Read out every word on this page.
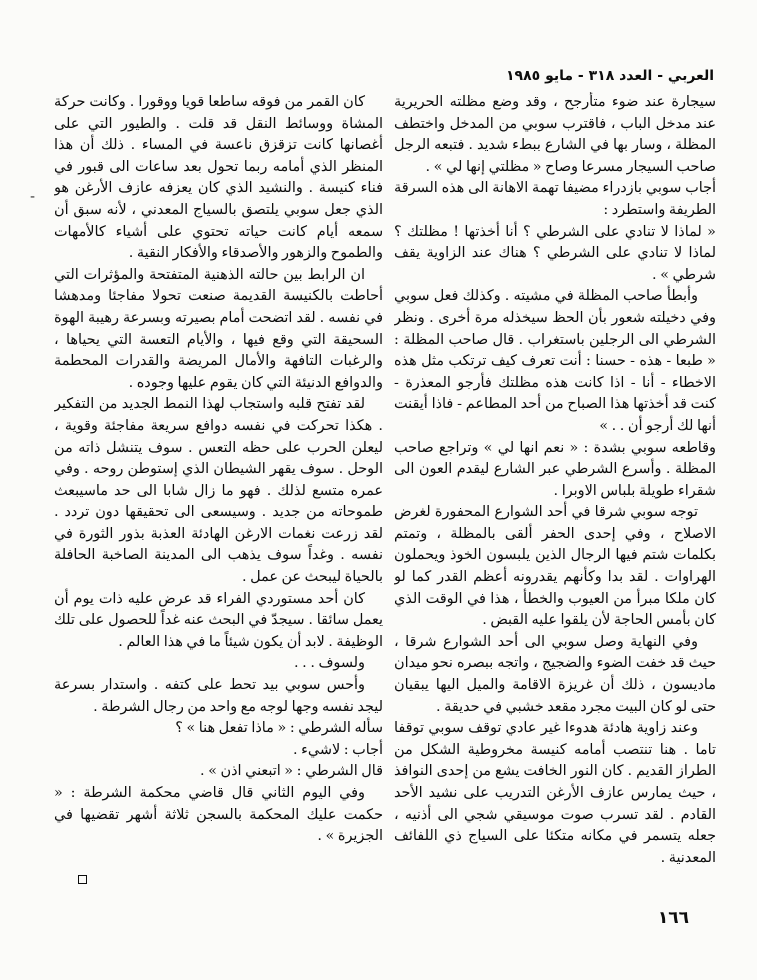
العربي - العدد ٣١٨ - مايو ١٩٨٥

سيجارة عند ضوء متأرجح ، وقد وضع مظلته الحريرية عند مدخل الباب ، فاقترب سوبي من المدخل واختطف المظلة ، وسار بها في الشارع ببطء شديد . فتبعه الرجل صاحب السيجار مسرعا وصاح « مظلتي إنها لي » .

أجاب سوبي بازدراء مضيفا تهمة الاهانة الى هذه السرقة الطريفة واستطرد :

« لماذا لا تنادي على الشرطي ؟ أنا أخذتها ! مظلتك ؟ لماذا لا تنادي على الشرطي ؟ هناك عند الزاوية يقف شرطي » .

وأبطأ صاحب المظلة في مشيته . وكذلك فعل سوبي وفي دخيلته شعور بأن الحظ سيخذله مرة أخرى . ونظر الشرطي الى الرجلين باستغراب . قال صاحب المظلة : « طبعا - هذه - حسنا : أنت تعرف كيف ترتكب مثل هذه الاخطاء - أنا - اذا كانت هذه مظلتك فأرجو المعذرة - كنت قد أخذتها هذا الصباح من أحد المطاعم - فاذا أيقنت أنها لك أرجو أن . . »

وقاطعه سوبي بشدة : « نعم انها لي » وتراجع صاحب المظلة . وأسرع الشرطي عبر الشارع ليقدم العون الى شقراء طويلة بلباس الاوبرا .

توجه سوبي شرقا في أحد الشوارع المحفورة لغرض الاصلاح ، وفي إحدى الحفر ألقى بالمظلة ، وتمتم بكلمات شتم فيها الرجال الذين يلبسون الخوذ ويحملون الهراوات . لقد بدا وكأنهم يقدرونه أعظم القدر كما لو كان ملكا مبرأ من العيوب والخطأ ، هذا في الوقت الذي كان بأمس الحاجة لأن يلقوا عليه القبض .

وفي النهاية وصل سوبي الى أحد الشوارع شرقا ، حيث قد خفت الضوء والضجيج ، واتجه ببصره نحو ميدان ماديسون ، ذلك أن غريزة الاقامة والميل اليها يبقيان حتى لو كان البيت مجرد مقعد خشبي في حديقة .

وعند زاوية هادئة هدوءا غير عادي توقف سوبي توقفا تاما . هنا تنتصب أمامه كنيسة مخروطية الشكل من الطراز القديم . كان النور الخافت يشع من إحدى النوافذ ، حيث يمارس عازف الأرغن التدريب على نشيد الأحد القادم . لقد تسرب صوت موسيقي شجي الى أذنيه ، جعله يتسمر في مكانه متكئا على السياج ذي اللفائف المعدنية .

كان القمر من فوقه ساطعا قويا ووقورا . وكانت حركة المشاة ووسائط النقل قد قلت . والطيور التي على أغصانها كانت تزقزق ناعسة في المساء . ذلك أن هذا المنظر الذي أمامه ربما تحول بعد ساعات الى قبور في فناء كنيسة . والنشيد الذي كان يعزفه عازف الأرغن هو الذي جعل سوبي يلتصق بالسياج المعدني ، لأنه سبق أن سمعه أيام كانت حياته تحتوي على أشياء كالأمهات والطموح والزهور والأصدقاء والأفكار النقية .

ان الرابط بين حالته الذهنية المتفتحة والمؤثرات التي أحاطت بالكنيسة القديمة صنعت تحولا مفاجئا ومدهشا في نفسه . لقد اتضحت أمام بصيرته وبسرعة رهيبة الهوة السحيقة التي وقع فيها ، والأيام التعسة التي يحياها ، والرغبات التافهة والأمال المريضة والقدرات المحطمة والدوافع الدنيئة التي كان يقوم عليها وجوده .

لقد تفتح قلبه واستجاب لهذا النمط الجديد من التفكير . هكذا تحركت في نفسه دوافع سريعة مفاجئة وقوية ، ليعلن الحرب على حظه التعس . سوف يتنشل ذاته من الوحل . سوف يقهر الشيطان الذي إستوطن روحه . وفي عمره متسع لذلك . فهو ما زال شابا الى حد ماسيبعث طموحاته من جديد . وسيسعى الى تحقيقها دون تردد . لقد زرعت نغمات الارغن الهادئة العذبة بذور الثورة في نفسه . وغداً سوف يذهب الى المدينة الصاخبة الحافلة بالحياة ليبحث عن عمل .

كان أحد مستوردي الفراء قد عرض عليه ذات يوم أن يعمل سائقا . سيجدّ في البحث عنه غداً للحصول على تلك الوظيفة . لابد أن يكون شيئاً ما في هذا العالم .

ولسوف . . .

وأحس سوبي بيد تحط على كتفه . واستدار بسرعة ليجد نفسه وجها لوجه مع واحد من رجال الشرطة .

سأله الشرطي : « ماذا تفعل هنا » ؟

أجاب : لاشيء .

قال الشرطي : « اتبعني اذن » .

وفي اليوم الثاني قال قاضي محكمة الشرطة : « حكمت عليك المحكمة بالسجن ثلاثة أشهر تقضيها في الجزيرة » .

-
١٦٦
